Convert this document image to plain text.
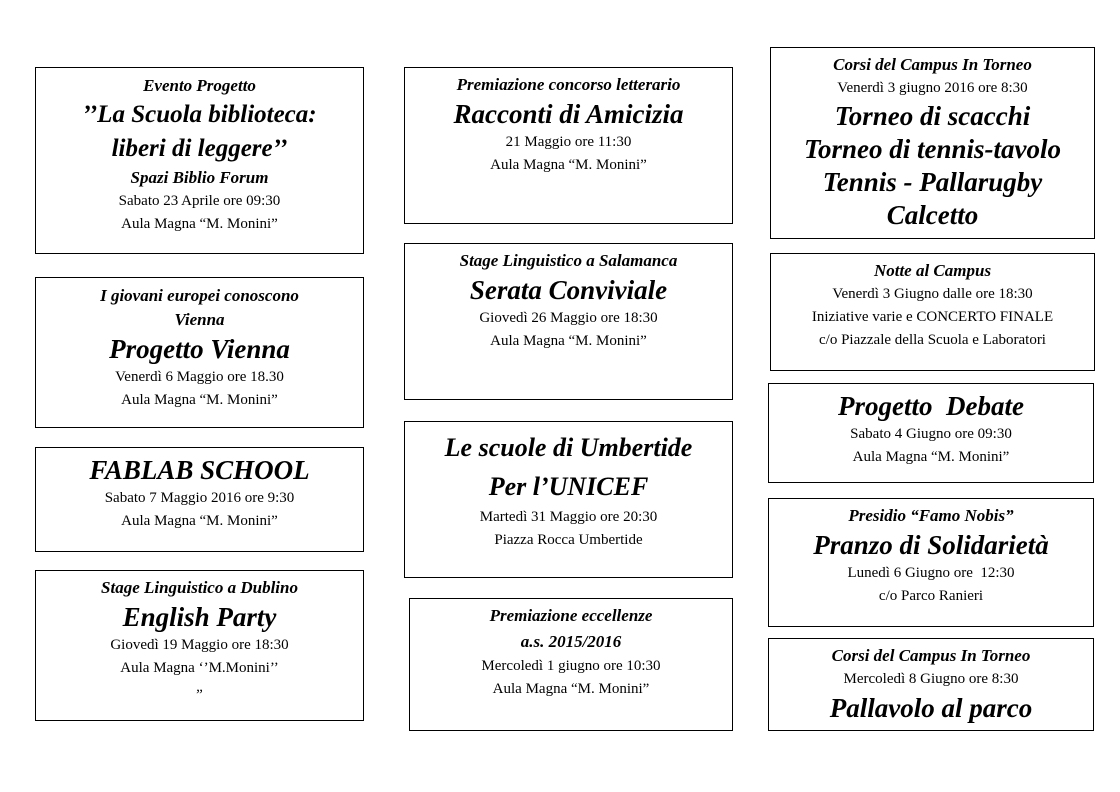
Evento Progetto
’’La Scuola biblioteca:
liberi di leggere’’
Spazi Biblio Forum
Sabato 23 Aprile ore 09:30
Aula Magna “M. Monini”
I giovani europei conoscono
Vienna
Progetto Vienna
Venerdì 6 Maggio ore 18.30
Aula Magna “M. Monini”
FABLAB SCHOOL
Sabato 7 Maggio 2016 ore 9:30
Aula Magna “M. Monini”
Stage Linguistico a Dublino
English Party
Giovedì 19 Maggio ore 18:30
Aula Magna ‘’M.Monini’’
„
Premiazione concorso letterario
Racconti di Amicizia
21 Maggio ore 11:30
Aula Magna “M. Monini”
Stage Linguistico a Salamanca
Serata Conviviale
Giovedì 26 Maggio ore 18:30
Aula Magna “M. Monini”
Le scuole di Umbertide
Per l’UNICEF
Martedì 31 Maggio ore 20:30
Piazza Rocca Umbertide
Premiazione eccellenze
a.s. 2015/2016
Mercoledì 1 giugno ore 10:30
Aula Magna “M. Monini”
Corsi del Campus In Torneo
Venerdì 3 giugno 2016 ore 8:30
Torneo di scacchi
Torneo di tennis-tavolo
Tennis - Pallarugby
Calcetto
Notte al Campus
Venerdì 3 Giugno dalle ore 18:30
Iniziative varie e CONCERTO FINALE
c/o Piazzale della Scuola e Laboratori
Progetto  Debate
Sabato 4 Giugno ore 09:30
Aula Magna “M. Monini”
Presidio “Famo Nobis”
Pranzo di Solidarietà
Lunedì 6 Giugno ore  12:30
c/o Parco Ranieri
Corsi del Campus In Torneo
Mercoledì 8 Giugno ore 8:30
Pallavolo al parco
